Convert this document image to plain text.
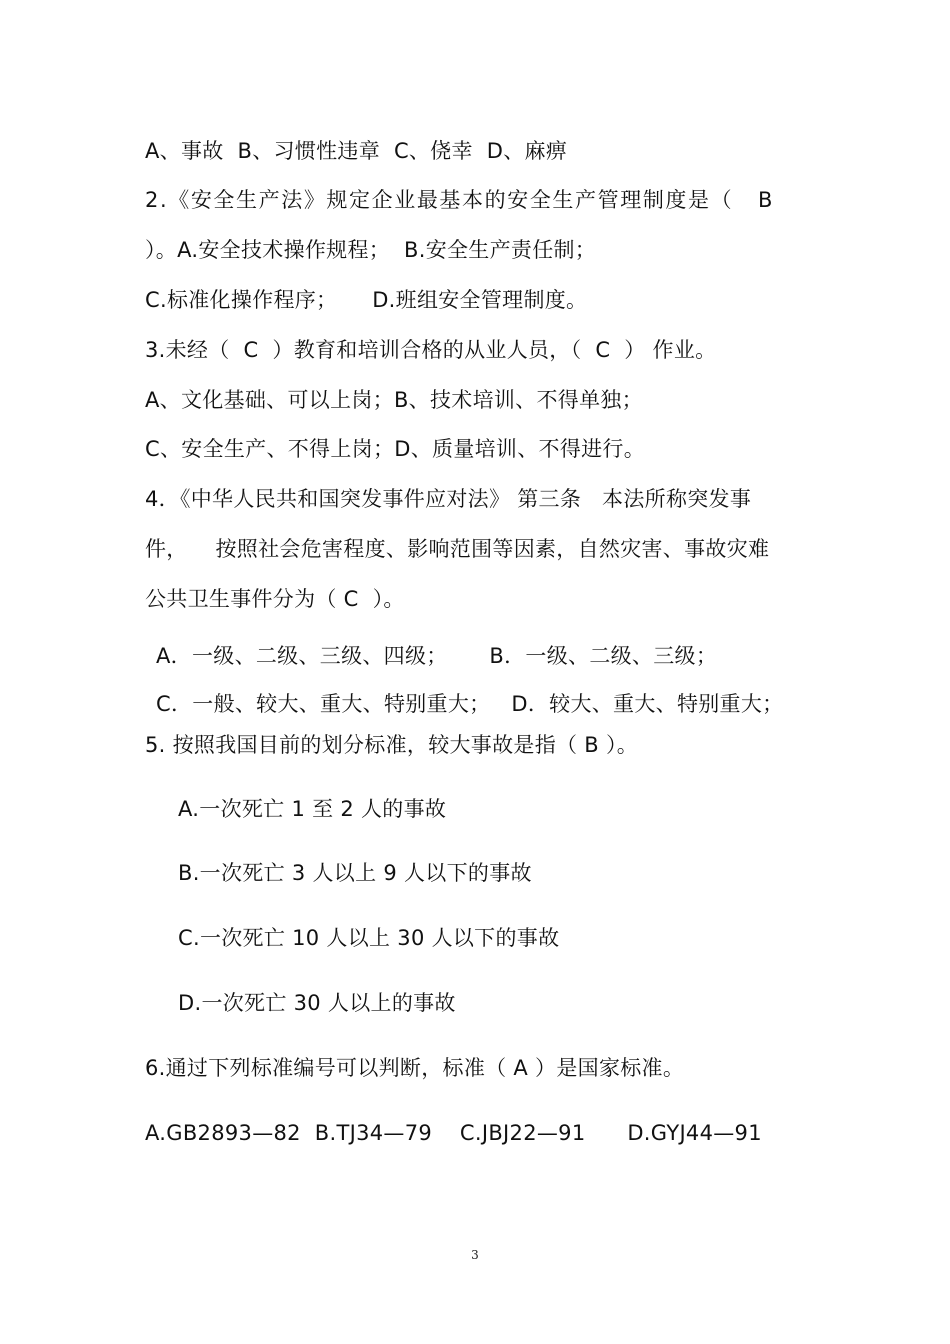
A、事故  B、习惯性违章  C、侥幸  D、麻痹
2.《安全生产法》规定企业最基本的安全生产管理制度是（   B
）。A.安全技术操作规程；  B.安全生产责任制；
C.标准化操作程序；     D.班组安全管理制度。
3.未经（  C  ）教育和培训合格的从业人员，（  C  ） 作业。
A、文化基础、可以上岗；B、技术培训、不得单独；
C、安全生产、不得上岗；D、质量培训、不得进行。
4．《中华人民共和国突发事件应对法》 第三条   本法所称突发事
件，    按照社会危害程度、影响范围等因素，自然灾害、事故灾难
公共卫生事件分为（ C  ）。
A．一级、二级、三级、四级；      B．一级、二级、三级；
C．一般、较大、重大、特别重大；   D．较大、重大、特别重大；
5. 按照我国目前的划分标准，较大事故是指（ B ）。
A.一次死亡 1 至 2 人的事故
B.一次死亡 3 人以上 9 人以下的事故
C.一次死亡 10 人以上 30 人以下的事故
D.一次死亡 30 人以上的事故
6.通过下列标准编号可以判断，标准（ A ）是国家标准。
A.GB2893—82  B.TJ34—79    C.JBJ22—91      D.GYJ44—91
3
